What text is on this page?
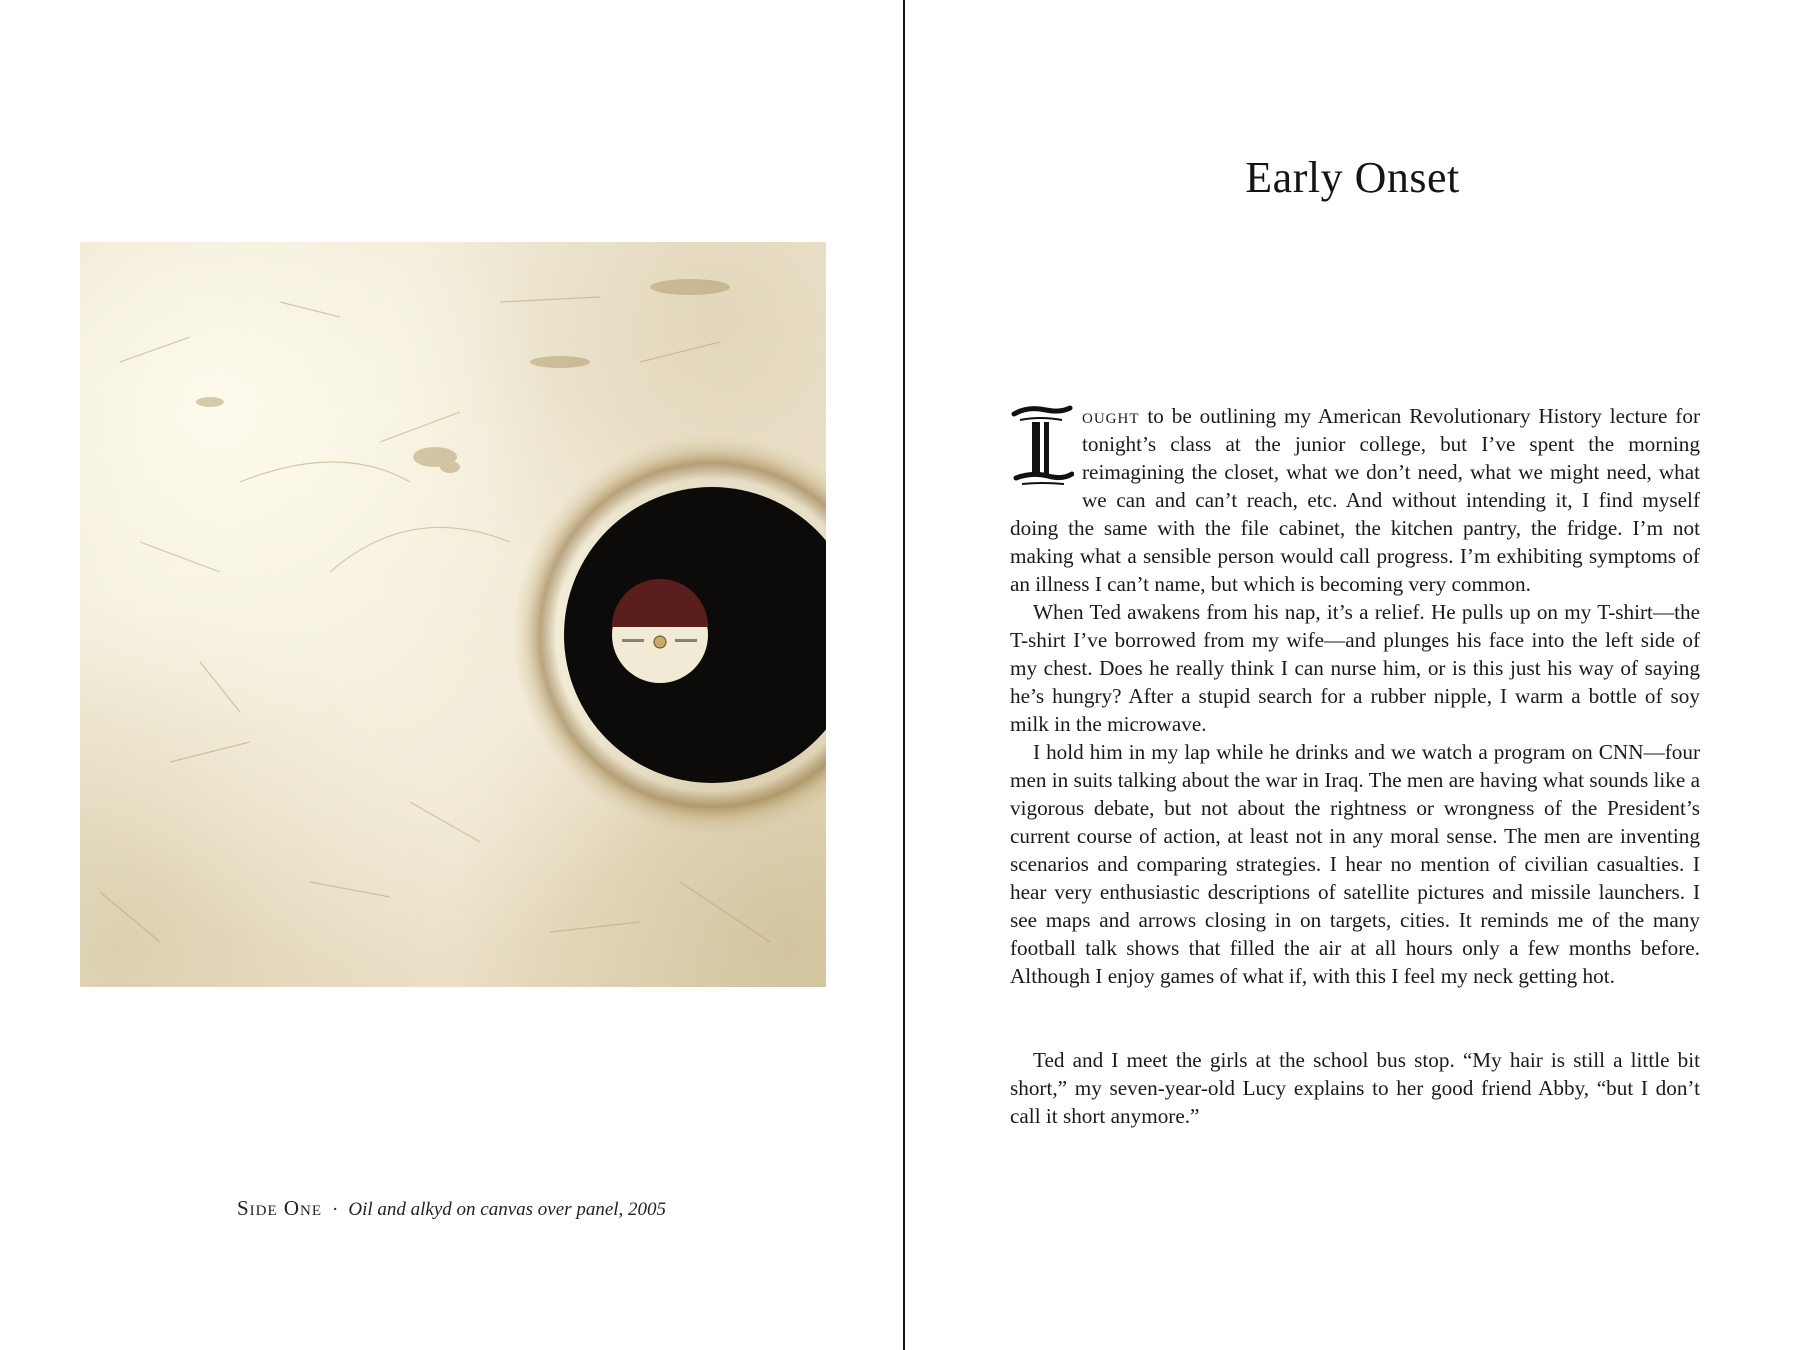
Side One · Oil and alkyd on canvas over panel, 2005
Early Onset

ought to be outlining my American Revolutionary History lecture for tonight’s class at the junior college, but I’ve spent the morning reimagining the closet, what we don’t need, what we might need, what we can and can’t reach, etc. And without intending it, I find myself doing the same with the file cabinet, the kitchen pantry, the fridge. I’m not making what a sensible person would call progress. I’m exhibiting symptoms of an illness I can’t name, but which is becoming very common.

When Ted awakens from his nap, it’s a relief. He pulls up on my T-shirt—the T-shirt I’ve borrowed from my wife—and plunges his face into the left side of my chest. Does he really think I can nurse him, or is this just his way of saying he’s hungry? After a stupid search for a rubber nipple, I warm a bottle of soy milk in the microwave.

I hold him in my lap while he drinks and we watch a program on CNN—four men in suits talking about the war in Iraq. The men are having what sounds like a vigorous debate, but not about the rightness or wrongness of the President’s current course of action, at least not in any moral sense. The men are inventing scenarios and comparing strategies. I hear no mention of civilian casualties. I hear very enthusiastic descriptions of satellite pictures and missile launchers. I see maps and arrows closing in on targets, cities. It reminds me of the many football talk shows that filled the air at all hours only a few months before. Although I enjoy games of what if, with this I feel my neck getting hot.

Ted and I meet the girls at the school bus stop. “My hair is still a little bit short,” my seven-year-old Lucy explains to her good friend Abby, “but I don’t call it short anymore.”
